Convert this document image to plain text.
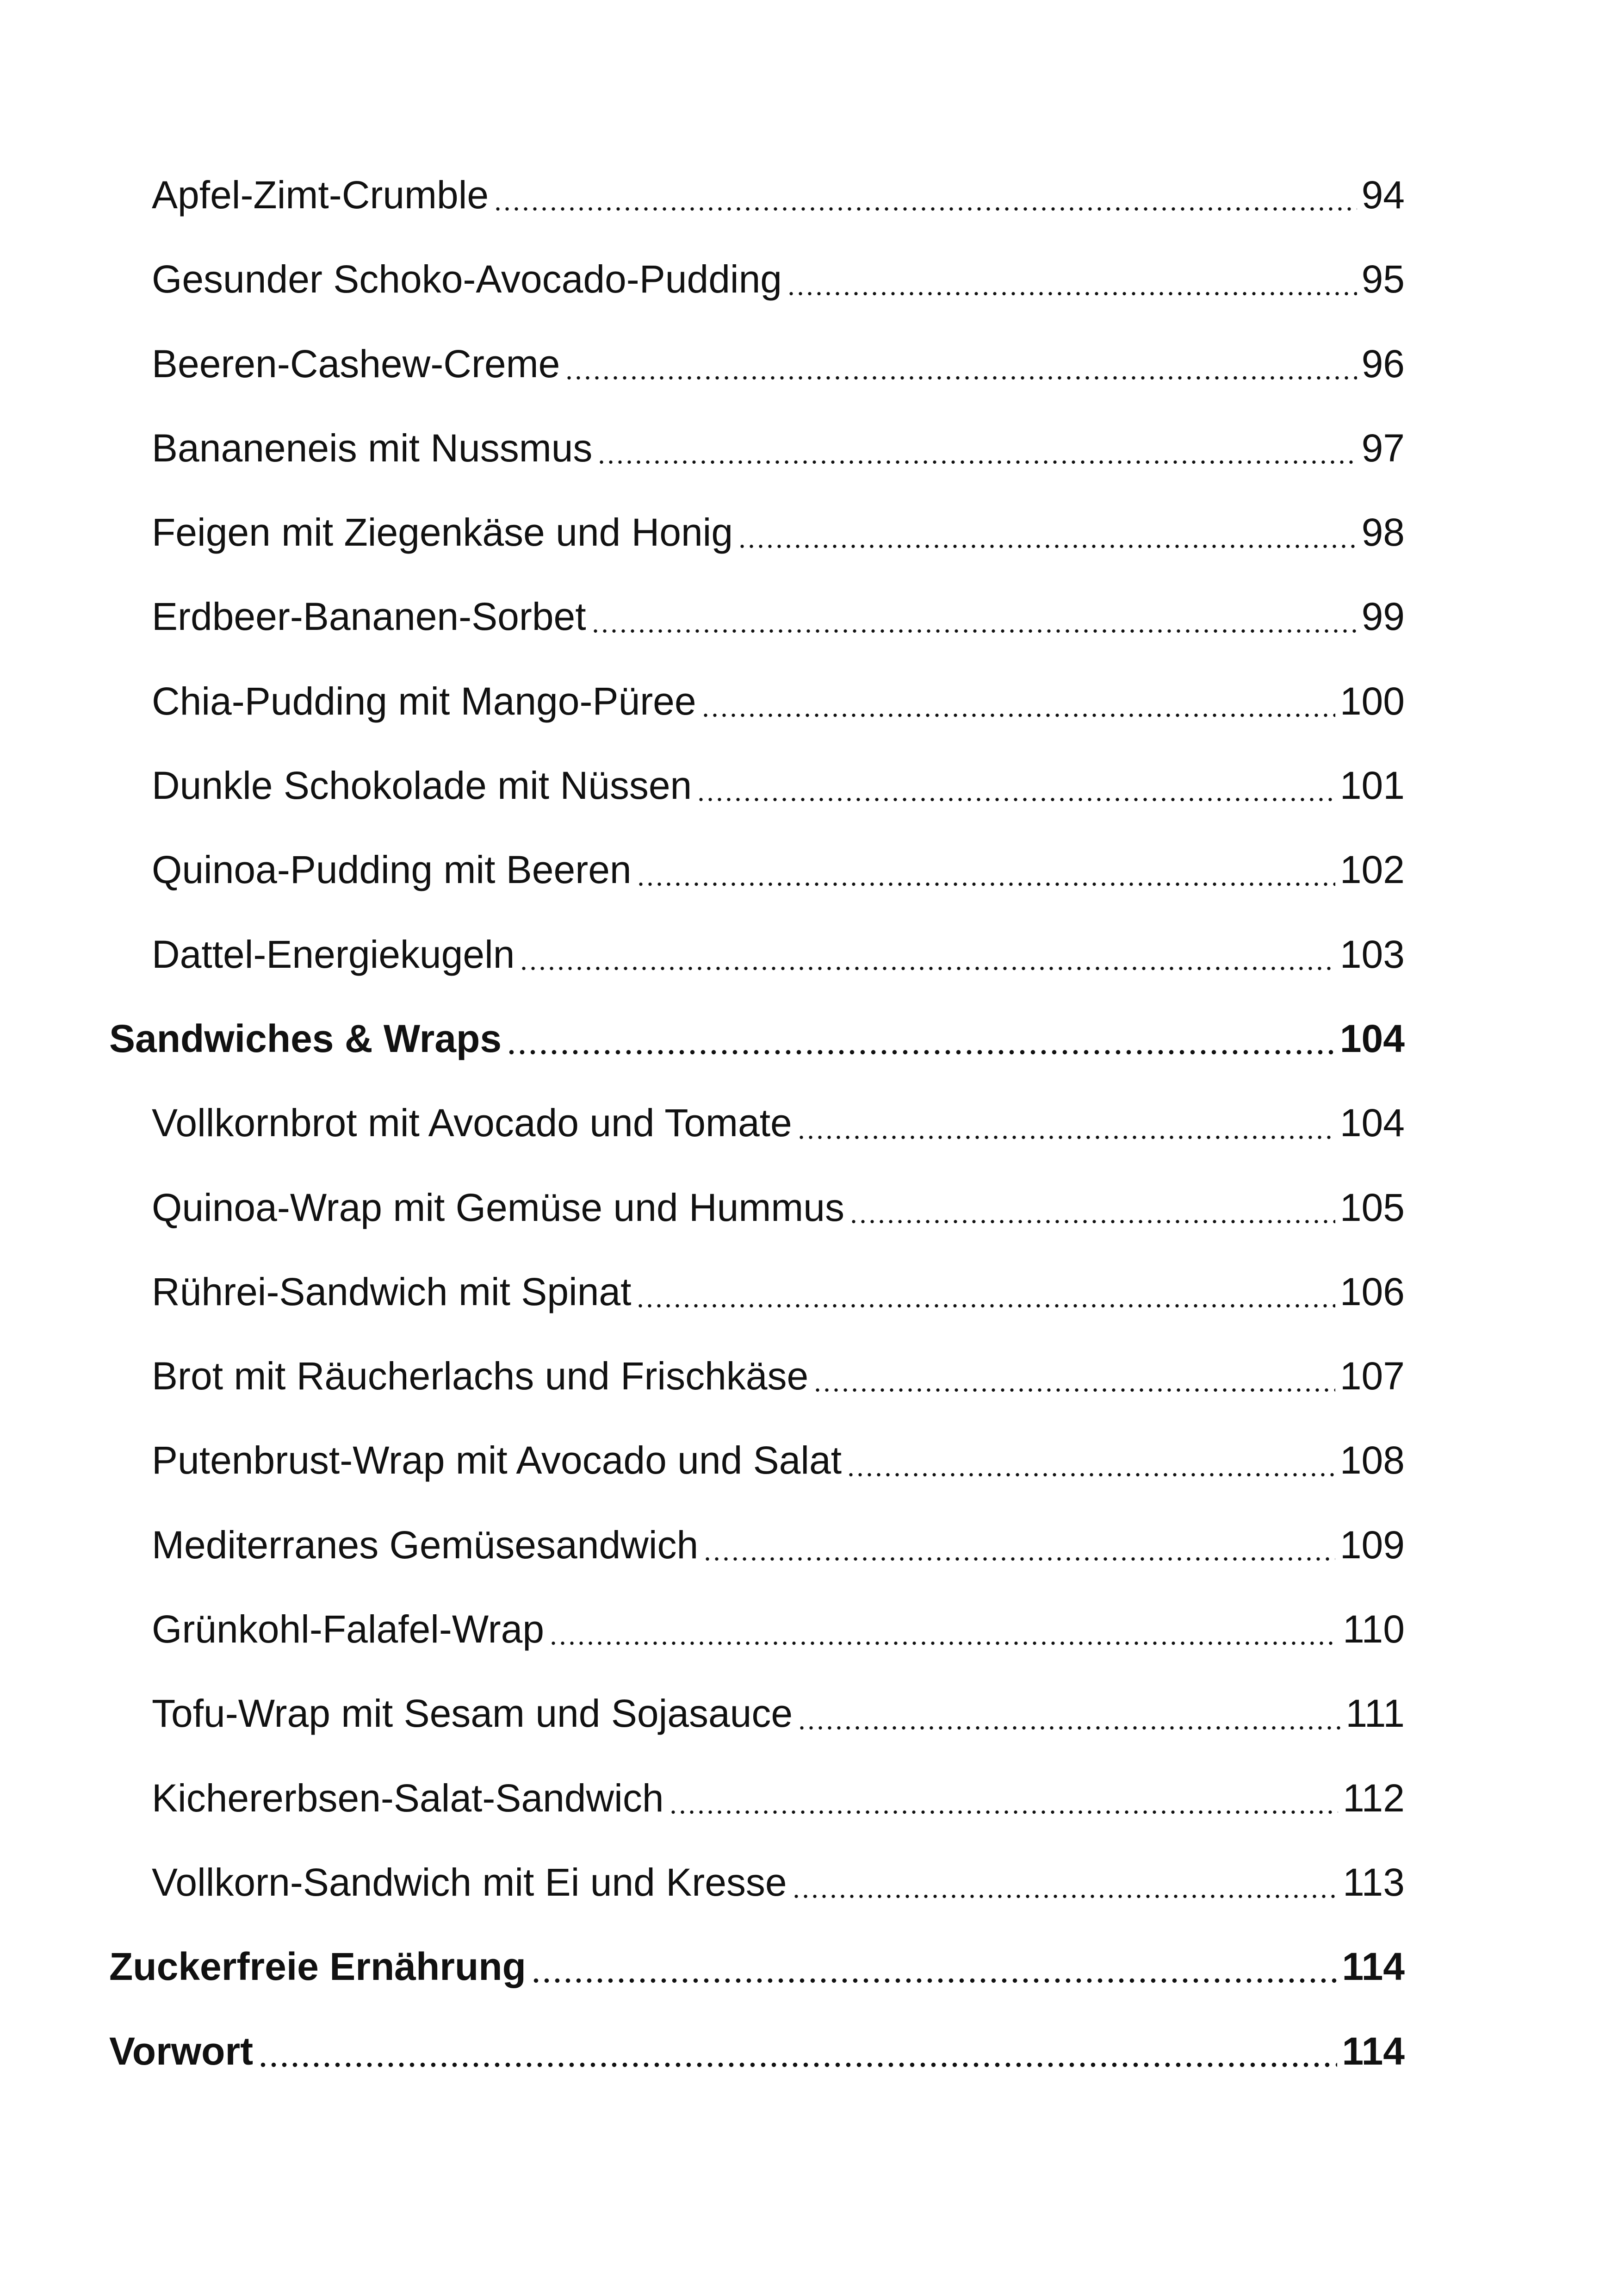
Apfel-Zimt-Crumble	94
Gesunder Schoko-Avocado-Pudding	95
Beeren-Cashew-Creme	96
Bananeneis mit Nussmus	97
Feigen mit Ziegenkäse und Honig	98
Erdbeer-Bananen-Sorbet	99
Chia-Pudding mit Mango-Püree	100
Dunkle Schokolade mit Nüssen	101
Quinoa-Pudding mit Beeren	102
Dattel-Energiekugeln	103
Sandwiches & Wraps	104
Vollkornbrot mit Avocado und Tomate	104
Quinoa-Wrap mit Gemüse und Hummus	105
Rührei-Sandwich mit Spinat	106
Brot mit Räucherlachs und Frischkäse	107
Putenbrust-Wrap mit Avocado und Salat	108
Mediterranes Gemüsesandwich	109
Grünkohl-Falafel-Wrap	110
Tofu-Wrap mit Sesam und Sojasauce	111
Kichererbsen-Salat-Sandwich	112
Vollkorn-Sandwich mit Ei und Kresse	113
Zuckerfreie Ernährung	114
Vorwort	114
